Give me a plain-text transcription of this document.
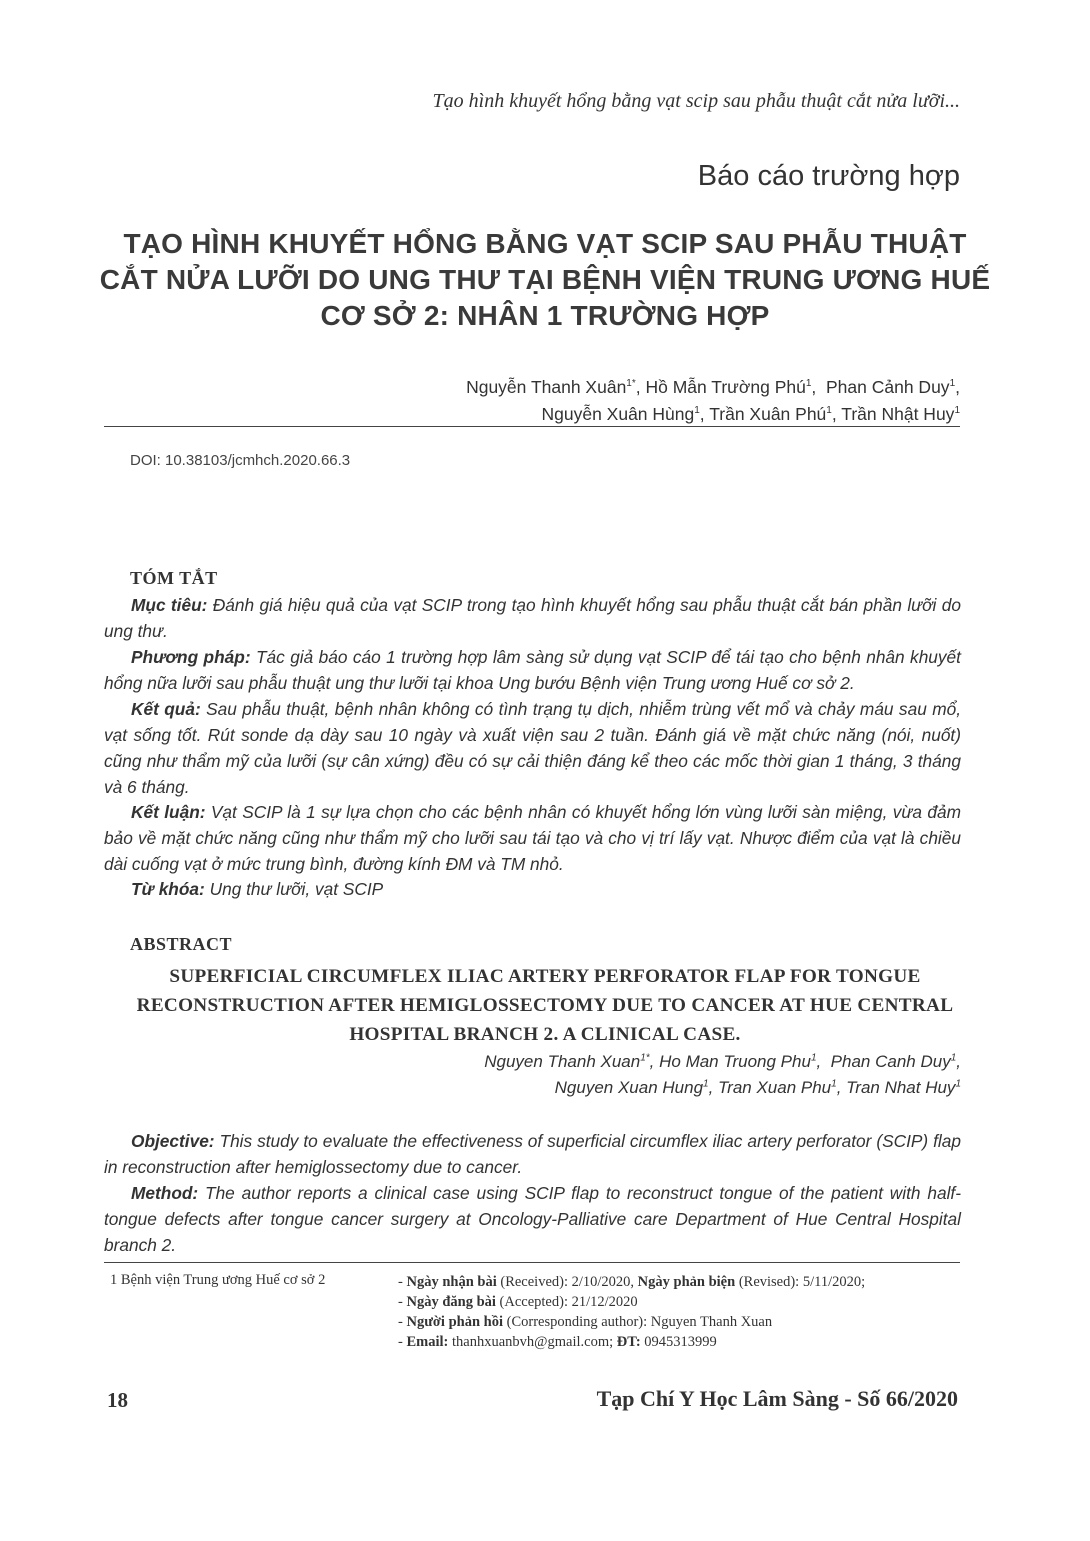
Tạo hình khuyết hổng bằng vạt scip sau phẫu thuật cắt nửa lưỡi...
Báo cáo trường hợp
TẠO HÌNH KHUYẾT HỔNG BẰNG VẠT SCIP SAU PHẪU THUẬT
CẮT NỬA LƯỠI DO UNG THƯ TẠI BỆNH VIỆN TRUNG ƯƠNG HUẾ
CƠ SỞ 2: NHÂN 1 TRƯỜNG HỢP
Nguyễn Thanh Xuân$^{1*}$, Hồ Mẫn Trường Phú$^1$,  Phan Cảnh Duy$^1$,
Nguyễn Xuân Hùng$^1$, Trần Xuân Phú$^1$, Trần Nhật Huy$^1$
DOI: 10.38103/jcmhch.2020.66.3
TÓM TẮT

Mục tiêu: Đánh giá hiệu quả của vạt SCIP trong tạo hình khuyết hổng sau phẫu thuật cắt bán phần lưỡi do ung thư.

Phương pháp: Tác giả báo cáo 1 trường hợp lâm sàng sử dụng vạt SCIP để tái tạo cho bệnh nhân khuyết hổng nữa lưỡi sau phẫu thuật ung thư lưỡi tại khoa Ung bướu Bệnh viện Trung ương Huế cơ sở 2.

Kết quả: Sau phẫu thuật, bệnh nhân không có tình trạng tụ dịch, nhiễm trùng vết mổ và chảy máu sau mổ, vạt sống tốt. Rút sonde dạ dày sau 10 ngày và xuất viện sau 2 tuần. Đánh giá về mặt chức năng (nói, nuốt) cũng như thẩm mỹ của lưỡi (sự cân xứng) đều có sự cải thiện đáng kể theo các mốc thời gian 1 tháng, 3 tháng và 6 tháng.

Kết luận: Vạt SCIP là 1 sự lựa chọn cho các bệnh nhân có khuyết hổng lớn vùng lưỡi sàn miệng, vừa đảm bảo về mặt chức năng cũng như thẩm mỹ cho lưỡi sau tái tạo và cho vị trí lấy vạt. Nhược điểm của vạt là chiều dài cuống vạt ở mức trung bình, đường kính ĐM và TM nhỏ.

Từ khóa: Ung thư lưỡi, vạt SCIP

ABSTRACT
SUPERFICIAL CIRCUMFLEX ILIAC ARTERY PERFORATOR FLAP FOR TONGUE
RECONSTRUCTION AFTER HEMIGLOSSECTOMY DUE TO CANCER AT HUE CENTRAL
HOSPITAL BRANCH 2. A CLINICAL CASE.
Nguyen Thanh Xuan$^{1*}$, Ho Man Truong Phu$^1$,  Phan Canh Duy$^1$,
Nguyen Xuan Hung$^1$, Tran Xuan Phu$^1$, Tran Nhat Huy$^1$

Objective: This study to evaluate the effectiveness of superficial circumflex iliac artery perforator (SCIP) flap in reconstruction after hemiglossectomy due to cancer.

Method: The author reports a clinical case using SCIP flap to reconstruct tongue of the patient with half-tongue defects after tongue cancer surgery at Oncology-Palliative care Department of Hue Central Hospital branch 2.

1 Bệnh viện Trung ương Huế cơ sở 2	- Ngày nhận bài (Received): 2/10/2020, Ngày phản biện (Revised): 5/11/2020;
- Ngày đăng bài (Accepted): 21/12/2020
- Người phản hồi (Corresponding author): Nguyen Thanh Xuan
- Email: thanhxuanbvh@gmail.com; ĐT: 0945313999
18	Tạp Chí Y Học Lâm Sàng - Số 66/2020
